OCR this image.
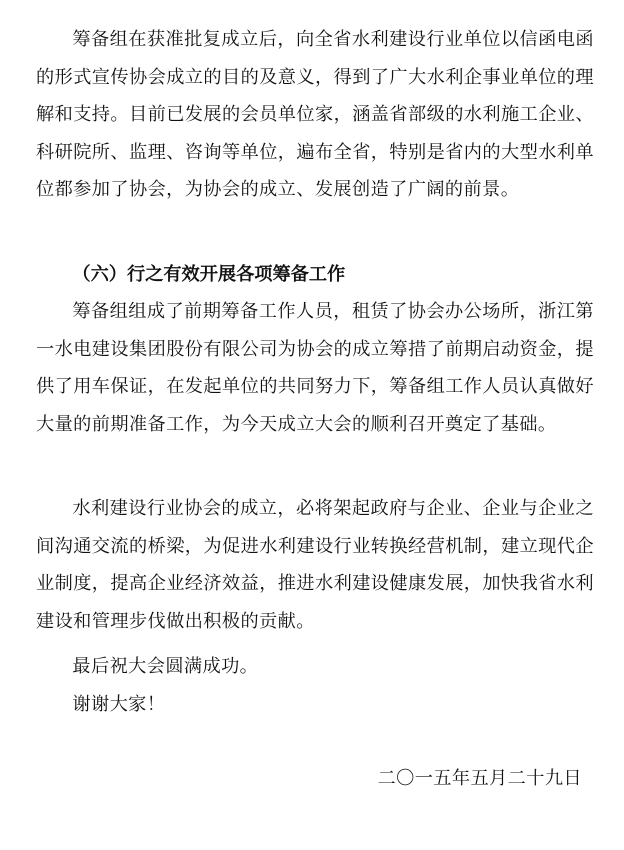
筹备组在获准批复成立后，向全省水利建设行业单位以信函电函的形式宣传协会成立的目的及意义，得到了广大水利企事业单位的理解和支持。目前已发展的会员单位家，涵盖省部级的水利施工企业、科研院所、监理、咨询等单位，遍布全省，特别是省内的大型水利单位都参加了协会，为协会的成立、发展创造了广阔的前景。

（六）行之有效开展各项筹备工作

筹备组组成了前期筹备工作人员，租赁了协会办公场所，浙江第一水电建设集团股份有限公司为协会的成立筹措了前期启动资金，提供了用车保证，在发起单位的共同努力下，筹备组工作人员认真做好大量的前期准备工作，为今天成立大会的顺利召开奠定了基础。

水利建设行业协会的成立，必将架起政府与企业、企业与企业之间沟通交流的桥梁，为促进水利建设行业转换经营机制，建立现代企业制度，提高企业经济效益，推进水利建设健康发展，加快我省水利建设和管理步伐做出积极的贡献。

最后祝大会圆满成功。

谢谢大家！

二〇一五年五月二十九日
